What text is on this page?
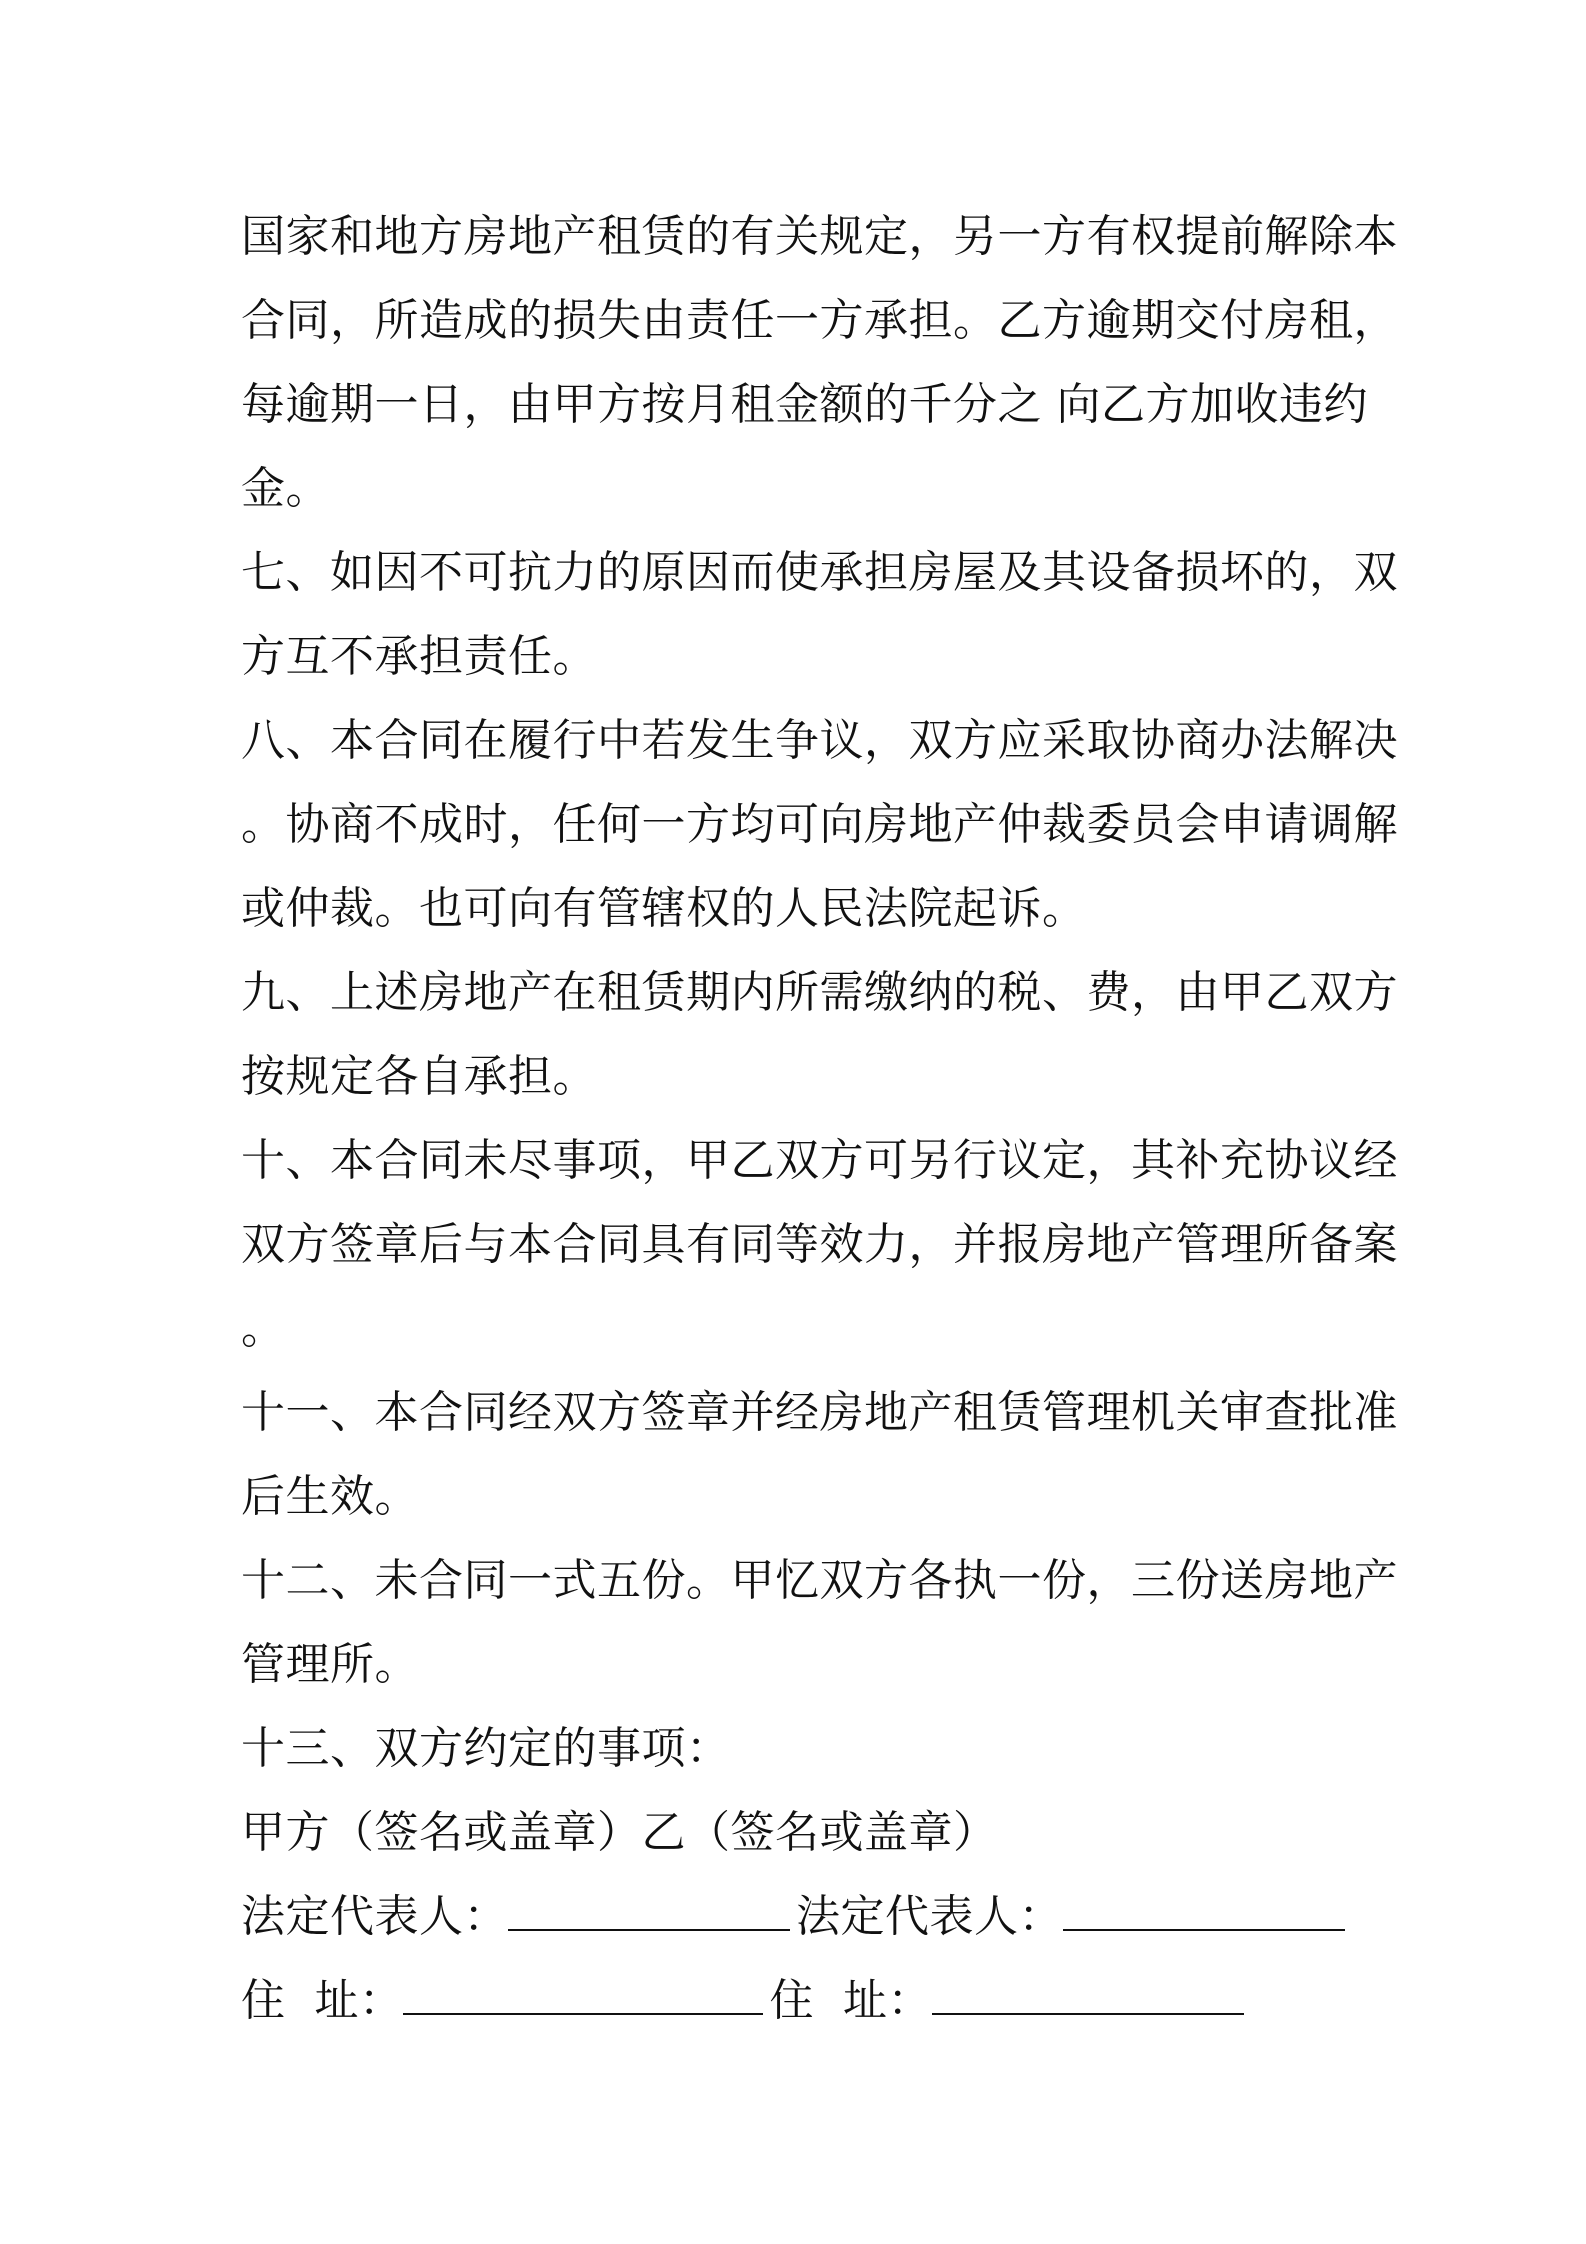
国家和地方房地产租赁的有关规定，另一方有权提前解除本
合同，所造成的损失由责任一方承担。乙方逾期交付房租，
每逾期一日，由甲方按月租金额的千分之 向乙方加收违约
金。
七、如因不可抗力的原因而使承担房屋及其设备损坏的，双
方互不承担责任。
八、本合同在履行中若发生争议，双方应采取协商办法解决
。协商不成时，任何一方均可向房地产仲裁委员会申请调解
或仲裁。也可向有管辖权的人民法院起诉。
九、上述房地产在租赁期内所需缴纳的税、费，由甲乙双方
按规定各自承担。
十、本合同未尽事项，甲乙双方可另行议定，其补充协议经
双方签章后与本合同具有同等效力，并报房地产管理所备案
。
十一、本合同经双方签章并经房地产租赁管理机关审查批准
后生效。
十二、未合同一式五份。甲忆双方各执一份，三份送房地产
管理所。
十三、双方约定的事项：
甲方（签名或盖章）乙（签名或盖章）
法定代表人：	法定代表人：
住  址：	住  址：
